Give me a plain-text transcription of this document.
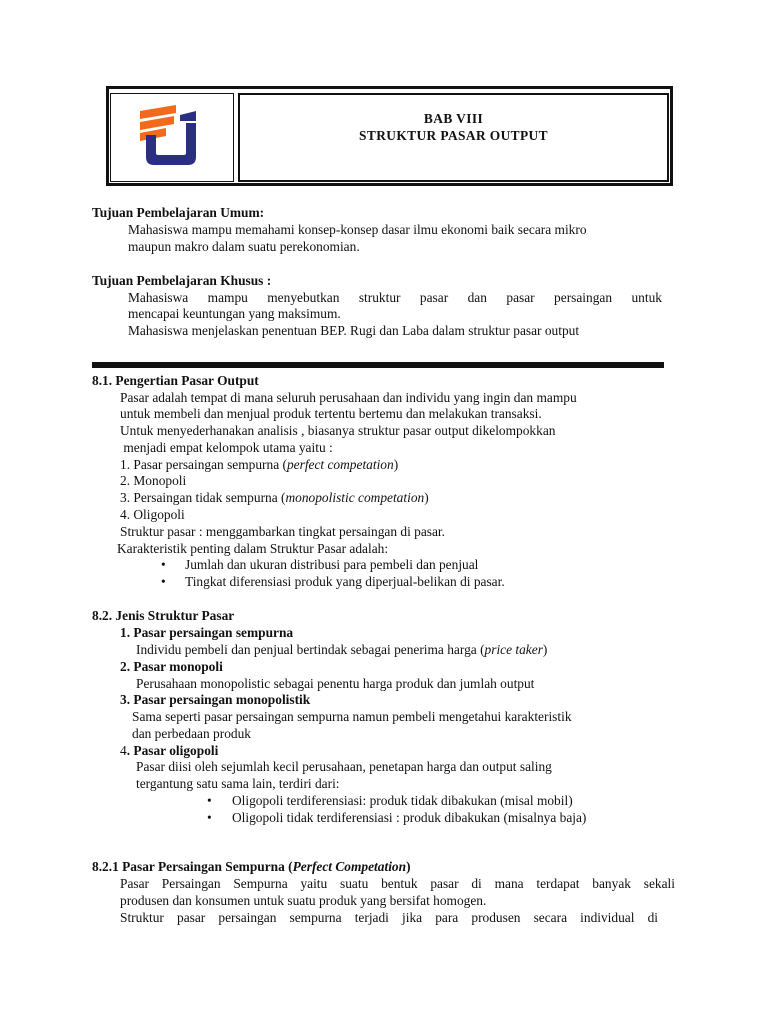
BAB VIII
STRUKTUR PASAR OUTPUT
Tujuan Pembelajaran Umum:
Mahasiswa mampu memahami konsep-konsep dasar ilmu ekonomi baik secara mikro
maupun makro dalam suatu perekonomian.
Tujuan Pembelajaran Khusus :
Mahasiswa mampu menyebutkan struktur pasar dan pasar persaingan untuk
mencapai keuntungan yang maksimum.
Mahasiswa menjelaskan penentuan BEP. Rugi dan Laba dalam struktur pasar output
8.1. Pengertian Pasar Output
Pasar adalah tempat di mana seluruh perusahaan dan individu yang ingin dan mampu
untuk membeli dan menjual produk tertentu bertemu dan melakukan transaksi.
Untuk menyederhanakan analisis , biasanya struktur pasar output dikelompokkan
menjadi empat kelompok utama yaitu :
1. Pasar persaingan sempurna (perfect competation)
2. Monopoli
3. Persaingan tidak sempurna (monopolistic competation)
4. Oligopoli
Struktur pasar : menggambarkan tingkat persaingan di pasar.
Karakteristik penting dalam Struktur Pasar adalah:
• Jumlah dan ukuran distribusi para pembeli dan penjual
• Tingkat diferensiasi produk yang diperjual-belikan di pasar.
8.2. Jenis Struktur Pasar
1. Pasar persaingan sempurna
Individu pembeli dan penjual bertindak sebagai penerima harga (price taker)
2. Pasar monopoli
Perusahaan monopolistic sebagai penentu harga produk dan jumlah output
3. Pasar persaingan monopolistik
Sama seperti pasar persaingan sempurna namun pembeli mengetahui karakteristik
dan perbedaan produk
4. Pasar oligopoli
Pasar diisi oleh sejumlah kecil perusahaan, penetapan harga dan output saling
tergantung satu sama lain, terdiri dari:
• Oligopoli terdiferensiasi: produk tidak dibakukan (misal mobil)
• Oligopoli tidak terdiferensiasi : produk dibakukan (misalnya baja)
8.2.1 Pasar Persaingan Sempurna (Perfect Competation)
Pasar Persaingan Sempurna yaitu suatu bentuk pasar di mana terdapat banyak sekali
produsen dan konsumen untuk suatu produk yang bersifat homogen.
Struktur pasar persaingan sempurna terjadi jika para produsen secara individual di
